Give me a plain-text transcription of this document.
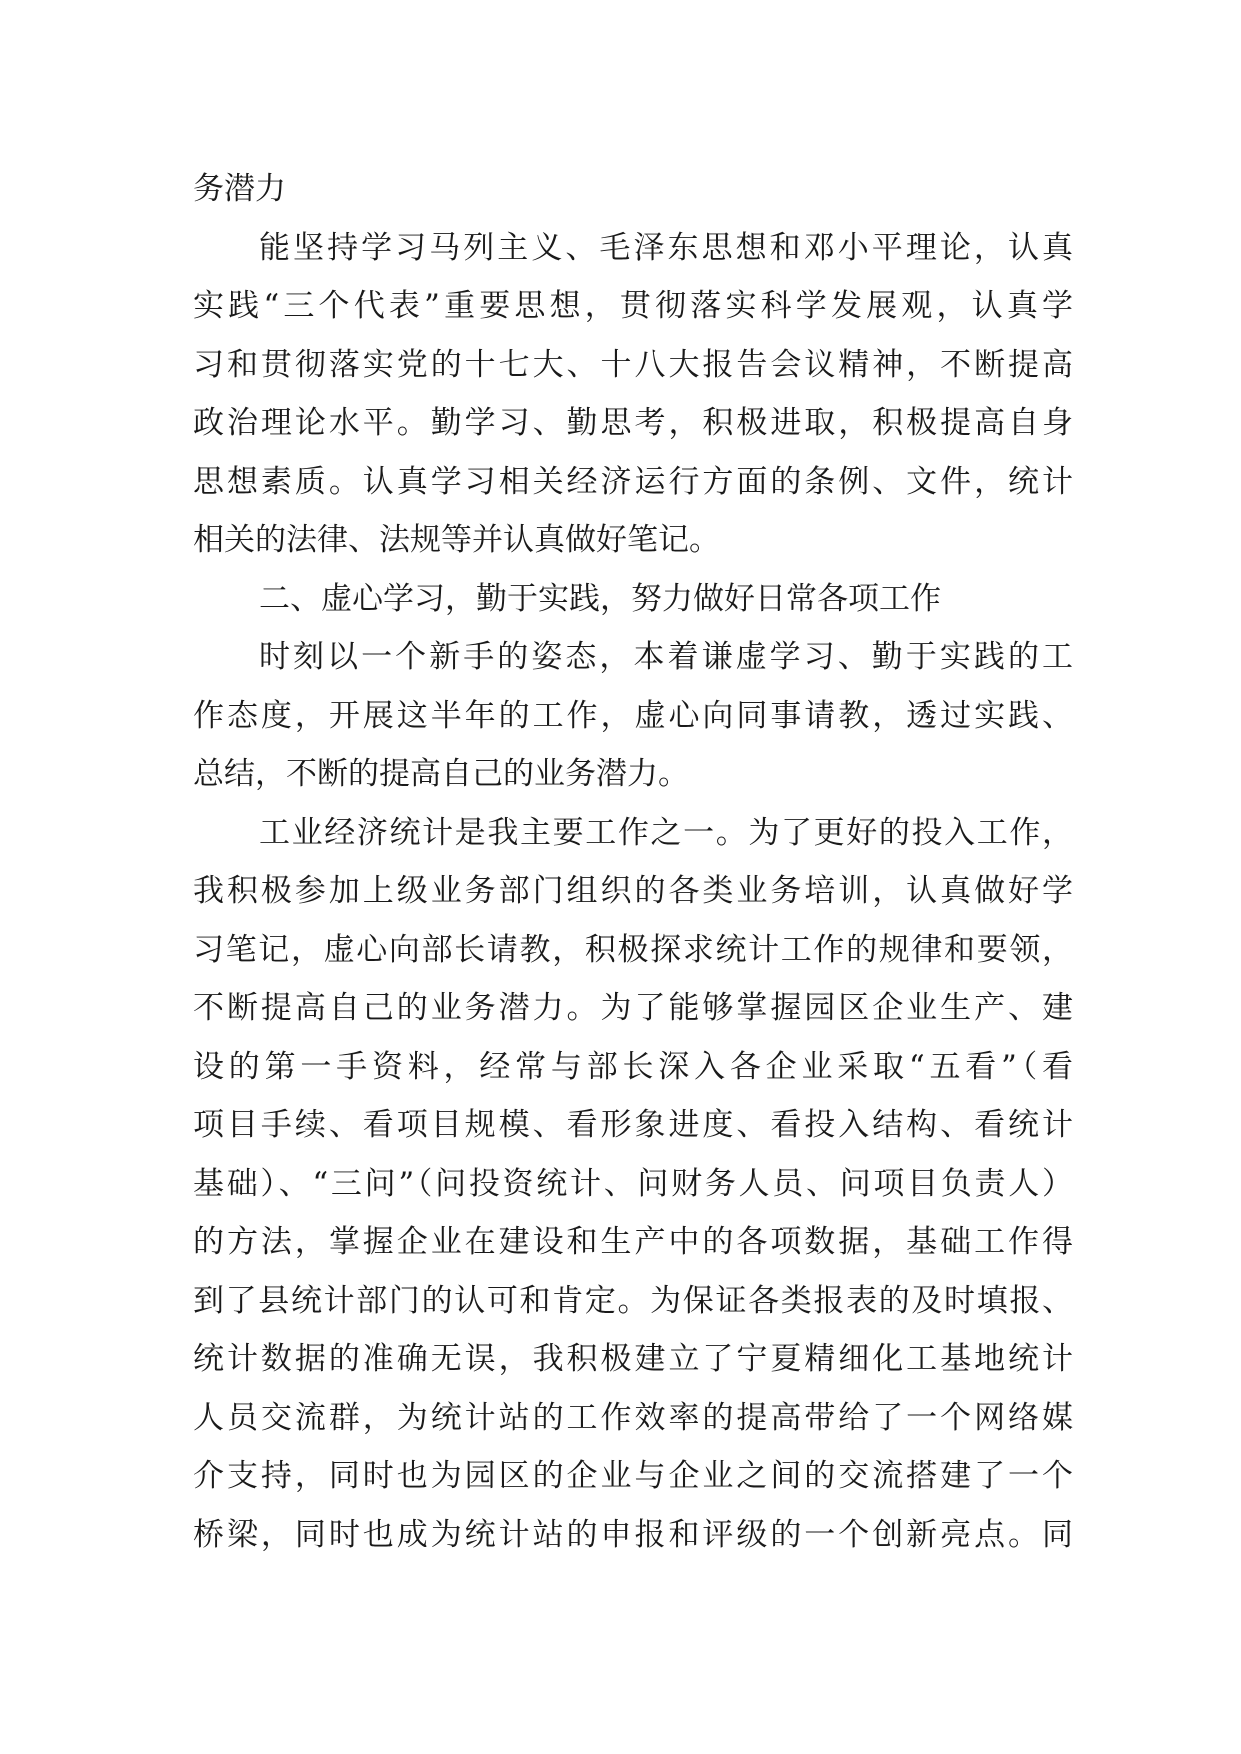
务潜力
能坚持学习马列主义、毛泽东思想和邓小平理论，认真
实践“三个代表”重要思想，贯彻落实科学发展观，认真学
习和贯彻落实党的十七大、十八大报告会议精神，不断提高
政治理论水平。勤学习、勤思考，积极进取，积极提高自身
思想素质。认真学习相关经济运行方面的条例、文件，统计
相关的法律、法规等并认真做好笔记。
二、虚心学习，勤于实践，努力做好日常各项工作
时刻以一个新手的姿态，本着谦虚学习、勤于实践的工
作态度，开展这半年的工作，虚心向同事请教，透过实践、
总结，不断的提高自己的业务潜力。
工业经济统计是我主要工作之一。为了更好的投入工作，
我积极参加上级业务部门组织的各类业务培训，认真做好学
习笔记，虚心向部长请教，积极探求统计工作的规律和要领，
不断提高自己的业务潜力。为了能够掌握园区企业生产、建
设的第一手资料，经常与部长深入各企业采取“五看”（看
项目手续、看项目规模、看形象进度、看投入结构、看统计
基础）、“三问”（问投资统计、问财务人员、问项目负责人）
的方法，掌握企业在建设和生产中的各项数据，基础工作得
到了县统计部门的认可和肯定。为保证各类报表的及时填报、
统计数据的准确无误，我积极建立了宁夏精细化工基地统计
人员交流群，为统计站的工作效率的提高带给了一个网络媒
介支持，同时也为园区的企业与企业之间的交流搭建了一个
桥梁，同时也成为统计站的申报和评级的一个创新亮点。同
